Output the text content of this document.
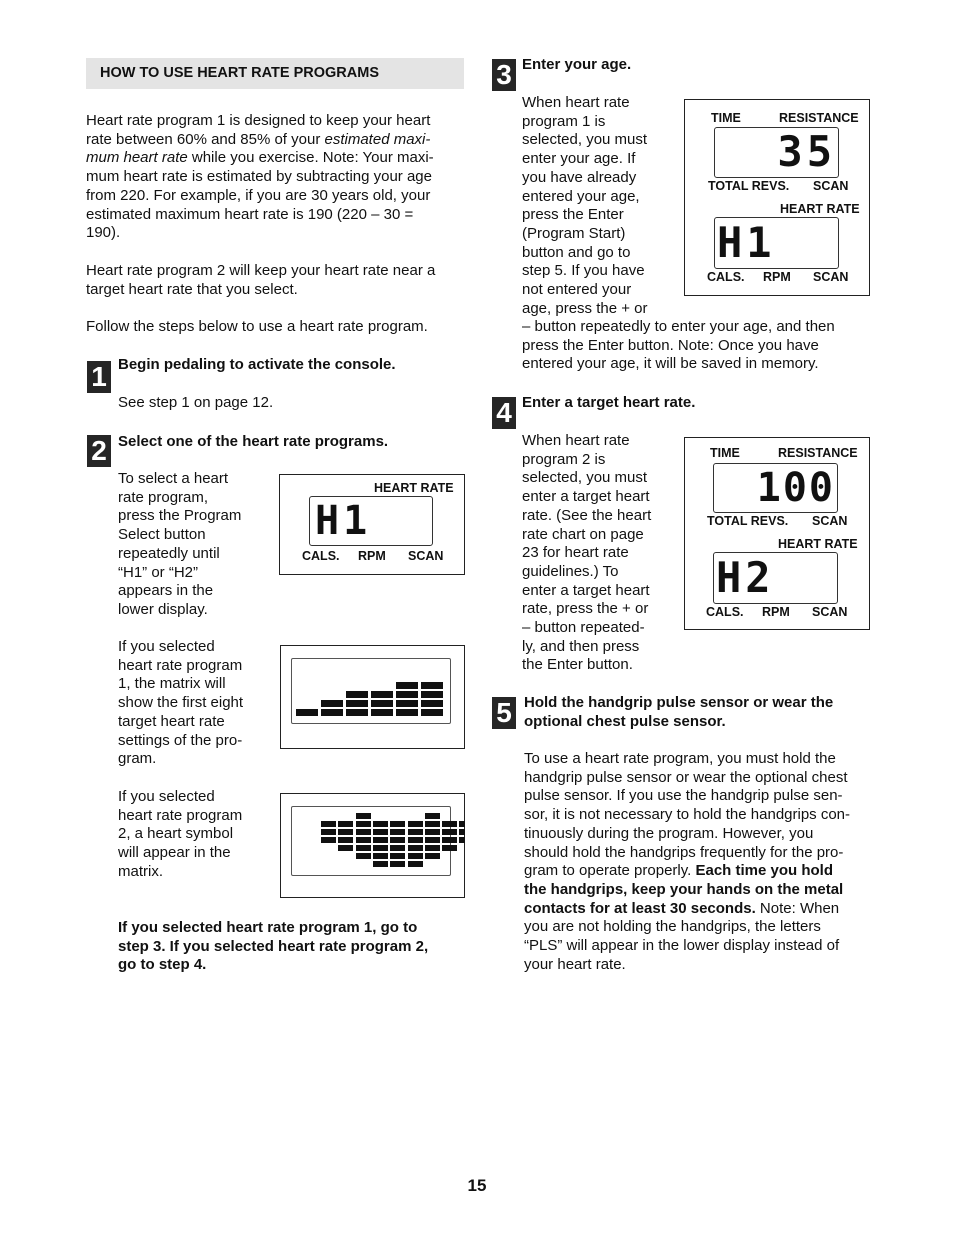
HOW TO USE HEART RATE PROGRAMS
Heart rate program 1 is designed to keep your heart
rate between 60% and 85% of your estimated maxi-
mum heart rate while you exercise. Note: Your maxi-
mum heart rate is estimated by subtracting your age
from 220. For example, if you are 30 years old, your
estimated maximum heart rate is 190 (220 – 30 =
190).
Heart rate program 2 will keep your heart rate near a
target heart rate that you select.
Follow the steps below to use a heart rate program.
1 Begin pedaling to activate the console.
See step 1 on page 12.
2 Select one of the heart rate programs.
To select a heart
rate program,
press the Program
Select button
repeatedly until
“H1” or “H2”
appears in the
lower display.
If you selected
heart rate program
1, the matrix will
show the first eight
target heart rate
settings of the pro-
gram.
If you selected
heart rate program
2, a heart symbol
will appear in the
matrix.
If you selected heart rate program 1, go to
step 3. If you selected heart rate program 2,
go to step 4.
HEART RATE
H1
CALS. RPM SCAN
3 Enter your age.
When heart rate
program 1 is
selected, you must
enter your age. If
you have already
entered your age,
press the Enter
(Program Start)
button and go to
step 5. If you have
not entered your
age, press the + or
– button repeatedly to enter your age, and then
press the Enter button. Note: Once you have
entered your age, it will be saved in memory.
TIME	RESISTANCE
35
TOTAL REVS. SCAN
HEART RATE
H1
CALS. RPM SCAN
4 Enter a target heart rate.
When heart rate
program 2 is
selected, you must
enter a target heart
rate. (See the heart
rate chart on page
23 for heart rate
guidelines.) To
enter a target heart
rate, press the + or
– button repeated-
ly, and then press
the Enter button.
TIME	RESISTANCE
100
TOTAL REVS. SCAN
HEART RATE
H2
CALS. RPM SCAN
5 Hold the handgrip pulse sensor or wear the
optional chest pulse sensor.
To use a heart rate program, you must hold the
handgrip pulse sensor or wear the optional chest
pulse sensor. If you use the handgrip pulse sen-
sor, it is not necessary to hold the handgrips con-
tinuously during the program. However, you
should hold the handgrips frequently for the pro-
gram to operate properly. Each time you hold
the handgrips, keep your hands on the metal
contacts for at least 30 seconds. Note: When
you are not holding the handgrips, the letters
“PLS” will appear in the lower display instead of
your heart rate.
15
